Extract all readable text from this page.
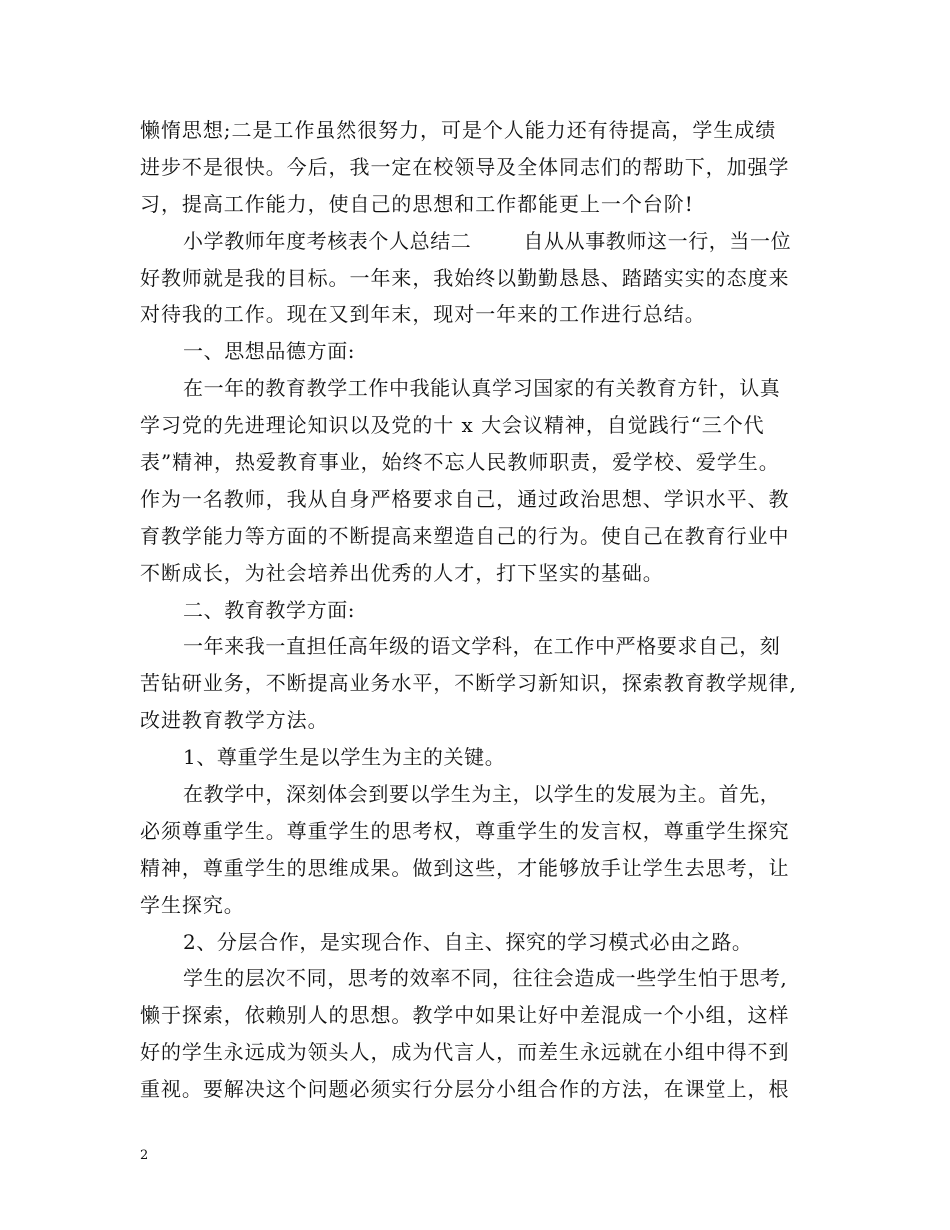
懒惰思想;二是工作虽然很努力，可是个人能力还有待提高，学生成绩
进步不是很快。今后，我一定在校领导及全体同志们的帮助下，加强学
习，提高工作能力，使自己的思想和工作都能更上一个台阶!
小学教师年度考核表个人总结二	自从从事教师这一行，当一位
好教师就是我的目标。一年来，我始终以勤勤恳恳、踏踏实实的态度来
对待我的工作。现在又到年末，现对一年来的工作进行总结。
一、思想品德方面:
在一年的教育教学工作中我能认真学习国家的有关教育方针，认真
学习党的先进理论知识以及党的十 x 大会议精神，自觉践行“三个代
表”精神，热爱教育事业，始终不忘人民教师职责，爱学校、爱学生。
作为一名教师，我从自身严格要求自己，通过政治思想、学识水平、教
育教学能力等方面的不断提高来塑造自己的行为。使自己在教育行业中
不断成长，为社会培养出优秀的人才，打下坚实的基础。
二、教育教学方面:
一年来我一直担任高年级的语文学科，在工作中严格要求自己，刻
苦钻研业务，不断提高业务水平，不断学习新知识，探索教育教学规律,
改进教育教学方法。
1、尊重学生是以学生为主的关键。
在教学中，深刻体会到要以学生为主，以学生的发展为主。首先，
必须尊重学生。尊重学生的思考权，尊重学生的发言权，尊重学生探究
精神，尊重学生的思维成果。做到这些，才能够放手让学生去思考，让
学生探究。
2、分层合作，是实现合作、自主、探究的学习模式必由之路。
学生的层次不同，思考的效率不同，往往会造成一些学生怕于思考,
懒于探索，依赖别人的思想。教学中如果让好中差混成一个小组，这样
好的学生永远成为领头人，成为代言人，而差生永远就在小组中得不到
重视。要解决这个问题必须实行分层分小组合作的方法，在课堂上，根
2
